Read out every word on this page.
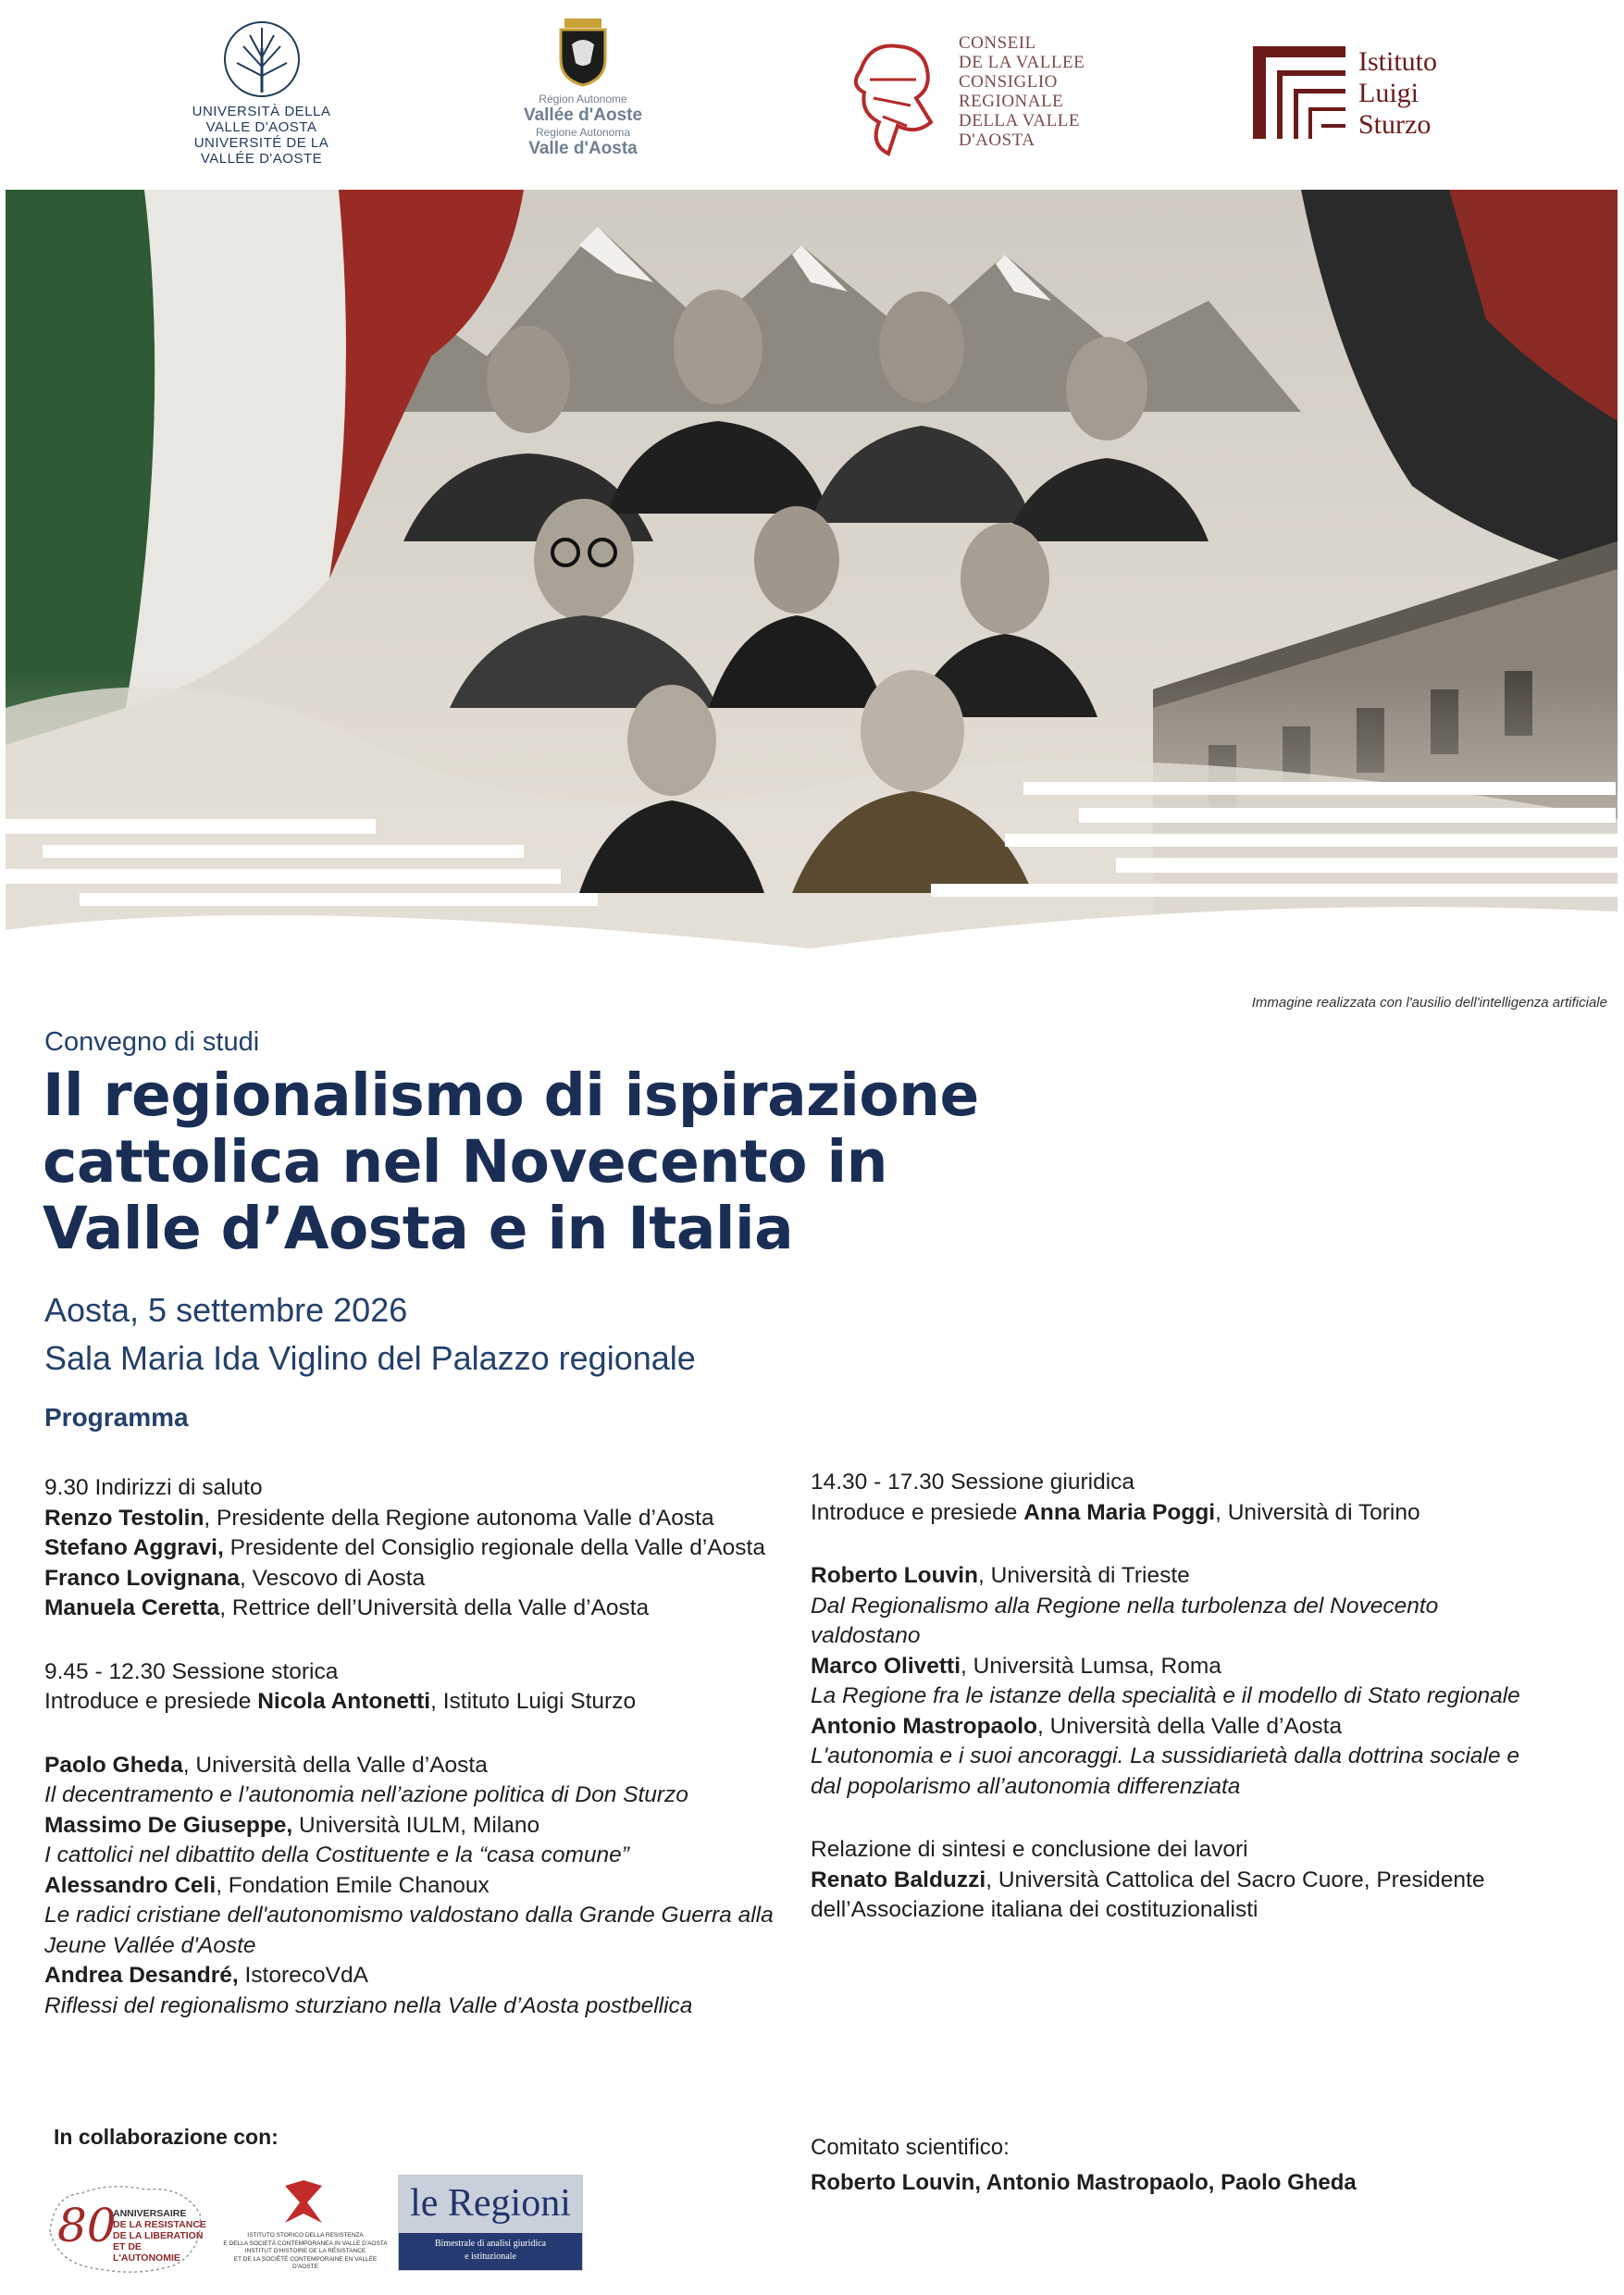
UNIVERSITÀ DELLA
VALLE D'AOSTA
UNIVERSITÉ DE LA
VALLÉE D'AOSTE
Région Autonome
Vallée d'Aoste
Regione Autonoma
Valle d'Aosta
CONSEIL
DE LA VALLEE
CONSIGLIO
REGIONALE
DELLA VALLE
D'AOSTA
Istituto
Luigi
Sturzo
Immagine realizzata con l'ausilio dell'intelligenza artificiale
Convegno di studi
Il regionalismo di ispirazione
cattolica nel Novecento in
Valle d’Aosta e in Italia
Aosta, 5 settembre 2026
Sala Maria Ida Viglino del Palazzo regionale
Programma
9.30 Indirizzi di saluto
Renzo Testolin, Presidente della Regione autonoma Valle d’Aosta
Stefano Aggravi, Presidente del Consiglio regionale della Valle d’Aosta
Franco Lovignana, Vescovo di Aosta
Manuela Ceretta, Rettrice dell’Università della Valle d’Aosta
9.45 - 12.30 Sessione storica
Introduce e presiede Nicola Antonetti, Istituto Luigi Sturzo
Paolo Gheda, Università della Valle d’Aosta
Il decentramento e l’autonomia nell’azione politica di Don Sturzo
Massimo De Giuseppe, Università IULM, Milano
I cattolici nel dibattito della Costituente e la “casa comune”
Alessandro Celi, Fondation Emile Chanoux
Le radici cristiane dell'autonomismo valdostano dalla Grande Guerra alla Jeune Vallée d'Aoste
Andrea Desandré, IstorecoVdA
Riflessi del regionalismo sturziano nella Valle d’Aosta postbellica
14.30 - 17.30 Sessione giuridica
Introduce e presiede Anna Maria Poggi, Università di Torino
Roberto Louvin, Università di Trieste
Dal Regionalismo alla Regione nella turbolenza del Novecento valdostano
Marco Olivetti, Università Lumsa, Roma
La Regione fra le istanze della specialità e il modello di Stato regionale
Antonio Mastropaolo, Università della Valle d’Aosta
L'autonomia e i suoi ancoraggi. La sussidiarietà dalla dottrina sociale e dal popolarismo all’autonomia differenziata
Relazione di sintesi e conclusione dei lavori
Renato Balduzzi, Università Cattolica del Sacro Cuore, Presidente dell’Associazione italiana dei costituzionalisti
In collaborazione con:
80
ANNIVERSAIRE
DE LA RESISTANCE
DE LA LIBERATION
ET DE L'AUTONOMIE
ISTITUTO STORICO DELLA RESISTENZA
E DELLA SOCIETÀ CONTEMPORANEA IN VALLE D'AOSTA
INSTITUT D'HISTOIRE DE LA RÉSISTANCE
ET DE LA SOCIÉTÉ CONTEMPORAINE EN VALLÉE D'AOSTE
le Regioni
Bimestrale di analisi giuridica
e istituzionale
Comitato scientifico:
Roberto Louvin, Antonio Mastropaolo, Paolo Gheda
